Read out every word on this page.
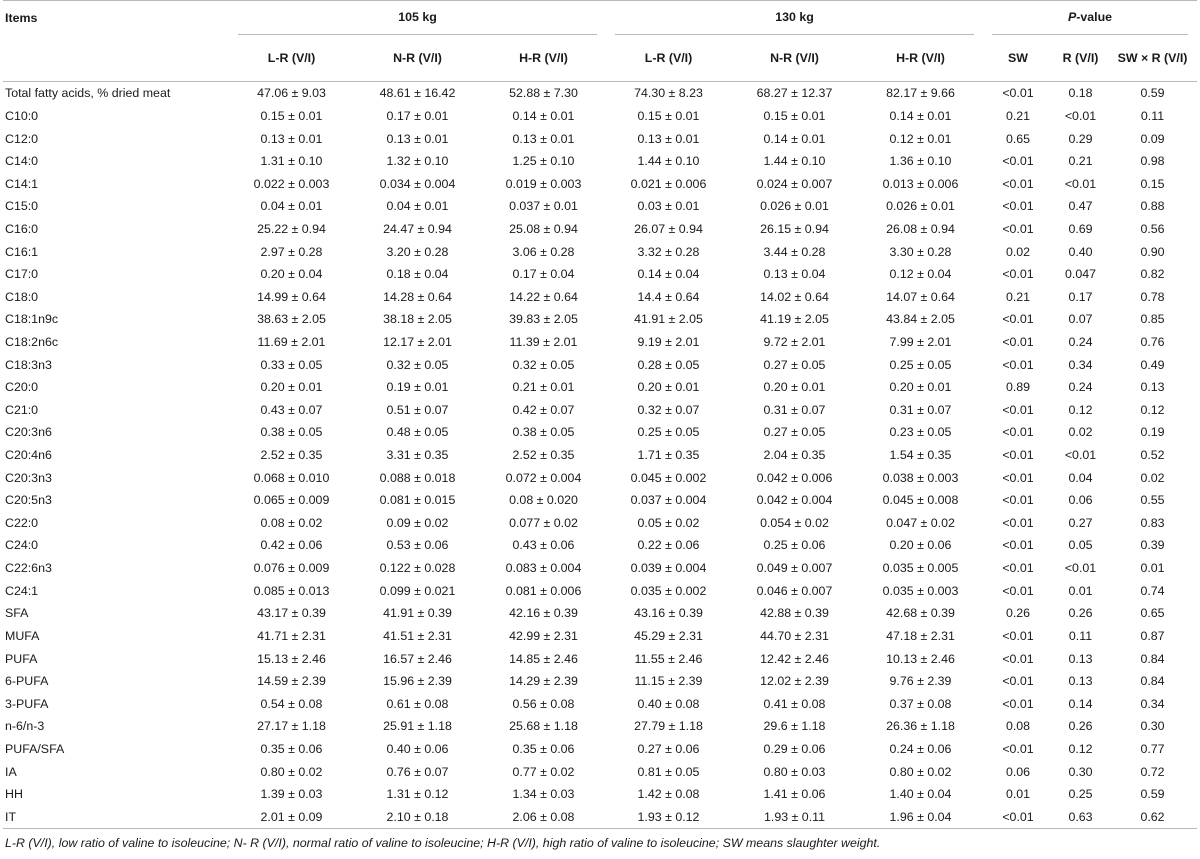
Items	105 kg			130 kg			P-value		

	L-R (V/I)	N-R (V/I)	H-R (V/I)	L-R (V/I)	N-R (V/I)	H-R (V/I)	SW	R (V/I)	SW × R (V/I)
Total fatty acids, % dried meat	47.06 ± 9.03	48.61 ± 16.42	52.88 ± 7.30	74.30 ± 8.23	68.27 ± 12.37	82.17 ± 9.66	<0.01	0.18	0.59
C10:0	0.15 ± 0.01	0.17 ± 0.01	0.14 ± 0.01	0.15 ± 0.01	0.15 ± 0.01	0.14 ± 0.01	0.21	<0.01	0.11
C12:0	0.13 ± 0.01	0.13 ± 0.01	0.13 ± 0.01	0.13 ± 0.01	0.14 ± 0.01	0.12 ± 0.01	0.65	0.29	0.09
C14:0	1.31 ± 0.10	1.32 ± 0.10	1.25 ± 0.10	1.44 ± 0.10	1.44 ± 0.10	1.36 ± 0.10	<0.01	0.21	0.98
C14:1	0.022 ± 0.003	0.034 ± 0.004	0.019 ± 0.003	0.021 ± 0.006	0.024 ± 0.007	0.013 ± 0.006	<0.01	<0.01	0.15
C15:0	0.04 ± 0.01	0.04 ± 0.01	0.037 ± 0.01	0.03 ± 0.01	0.026 ± 0.01	0.026 ± 0.01	<0.01	0.47	0.88
C16:0	25.22 ± 0.94	24.47 ± 0.94	25.08 ± 0.94	26.07 ± 0.94	26.15 ± 0.94	26.08 ± 0.94	<0.01	0.69	0.56
C16:1	2.97 ± 0.28	3.20 ± 0.28	3.06 ± 0.28	3.32 ± 0.28	3.44 ± 0.28	3.30 ± 0.28	0.02	0.40	0.90
C17:0	0.20 ± 0.04	0.18 ± 0.04	0.17 ± 0.04	0.14 ± 0.04	0.13 ± 0.04	0.12 ± 0.04	<0.01	0.047	0.82
C18:0	14.99 ± 0.64	14.28 ± 0.64	14.22 ± 0.64	14.4 ± 0.64	14.02 ± 0.64	14.07 ± 0.64	0.21	0.17	0.78
C18:1n9c	38.63 ± 2.05	38.18 ± 2.05	39.83 ± 2.05	41.91 ± 2.05	41.19 ± 2.05	43.84 ± 2.05	<0.01	0.07	0.85
C18:2n6c	11.69 ± 2.01	12.17 ± 2.01	11.39 ± 2.01	9.19 ± 2.01	9.72 ± 2.01	7.99 ± 2.01	<0.01	0.24	0.76
C18:3n3	0.33 ± 0.05	0.32 ± 0.05	0.32 ± 0.05	0.28 ± 0.05	0.27 ± 0.05	0.25 ± 0.05	<0.01	0.34	0.49
C20:0	0.20 ± 0.01	0.19 ± 0.01	0.21 ± 0.01	0.20 ± 0.01	0.20 ± 0.01	0.20 ± 0.01	0.89	0.24	0.13
C21:0	0.43 ± 0.07	0.51 ± 0.07	0.42 ± 0.07	0.32 ± 0.07	0.31 ± 0.07	0.31 ± 0.07	<0.01	0.12	0.12
C20:3n6	0.38 ± 0.05	0.48 ± 0.05	0.38 ± 0.05	0.25 ± 0.05	0.27 ± 0.05	0.23 ± 0.05	<0.01	0.02	0.19
C20:4n6	2.52 ± 0.35	3.31 ± 0.35	2.52 ± 0.35	1.71 ± 0.35	2.04 ± 0.35	1.54 ± 0.35	<0.01	<0.01	0.52
C20:3n3	0.068 ± 0.010	0.088 ± 0.018	0.072 ± 0.004	0.045 ± 0.002	0.042 ± 0.006	0.038 ± 0.003	<0.01	0.04	0.02
C20:5n3	0.065 ± 0.009	0.081 ± 0.015	0.08 ± 0.020	0.037 ± 0.004	0.042 ± 0.004	0.045 ± 0.008	<0.01	0.06	0.55
C22:0	0.08 ± 0.02	0.09 ± 0.02	0.077 ± 0.02	0.05 ± 0.02	0.054 ± 0.02	0.047 ± 0.02	<0.01	0.27	0.83
C24:0	0.42 ± 0.06	0.53 ± 0.06	0.43 ± 0.06	0.22 ± 0.06	0.25 ± 0.06	0.20 ± 0.06	<0.01	0.05	0.39
C22:6n3	0.076 ± 0.009	0.122 ± 0.028	0.083 ± 0.004	0.039 ± 0.004	0.049 ± 0.007	0.035 ± 0.005	<0.01	<0.01	0.01
C24:1	0.085 ± 0.013	0.099 ± 0.021	0.081 ± 0.006	0.035 ± 0.002	0.046 ± 0.007	0.035 ± 0.003	<0.01	0.01	0.74
SFA	43.17 ± 0.39	41.91 ± 0.39	42.16 ± 0.39	43.16 ± 0.39	42.88 ± 0.39	42.68 ± 0.39	0.26	0.26	0.65
MUFA	41.71 ± 2.31	41.51 ± 2.31	42.99 ± 2.31	45.29 ± 2.31	44.70 ± 2.31	47.18 ± 2.31	<0.01	0.11	0.87
PUFA	15.13 ± 2.46	16.57 ± 2.46	14.85 ± 2.46	11.55 ± 2.46	12.42 ± 2.46	10.13 ± 2.46	<0.01	0.13	0.84
6-PUFA	14.59 ± 2.39	15.96 ± 2.39	14.29 ± 2.39	11.15 ± 2.39	12.02 ± 2.39	9.76 ± 2.39	<0.01	0.13	0.84
3-PUFA	0.54 ± 0.08	0.61 ± 0.08	0.56 ± 0.08	0.40 ± 0.08	0.41 ± 0.08	0.37 ± 0.08	<0.01	0.14	0.34
n-6/n-3	27.17 ± 1.18	25.91 ± 1.18	25.68 ± 1.18	27.79 ± 1.18	29.6 ± 1.18	26.36 ± 1.18	0.08	0.26	0.30
PUFA/SFA	0.35 ± 0.06	0.40 ± 0.06	0.35 ± 0.06	0.27 ± 0.06	0.29 ± 0.06	0.24 ± 0.06	<0.01	0.12	0.77
IA	0.80 ± 0.02	0.76 ± 0.07	0.77 ± 0.02	0.81 ± 0.05	0.80 ± 0.03	0.80 ± 0.02	0.06	0.30	0.72
HH	1.39 ± 0.03	1.31 ± 0.12	1.34 ± 0.03	1.42 ± 0.08	1.41 ± 0.06	1.40 ± 0.04	0.01	0.25	0.59
IT	2.01 ± 0.09	2.10 ± 0.18	2.06 ± 0.08	1.93 ± 0.12	1.93 ± 0.11	1.96 ± 0.04	<0.01	0.63	0.62
L-R (V/I), low ratio of valine to isoleucine; N- R (V/I), normal ratio of valine to isoleucine; H-R (V/I), high ratio of valine to isoleucine; SW means slaughter weight.
